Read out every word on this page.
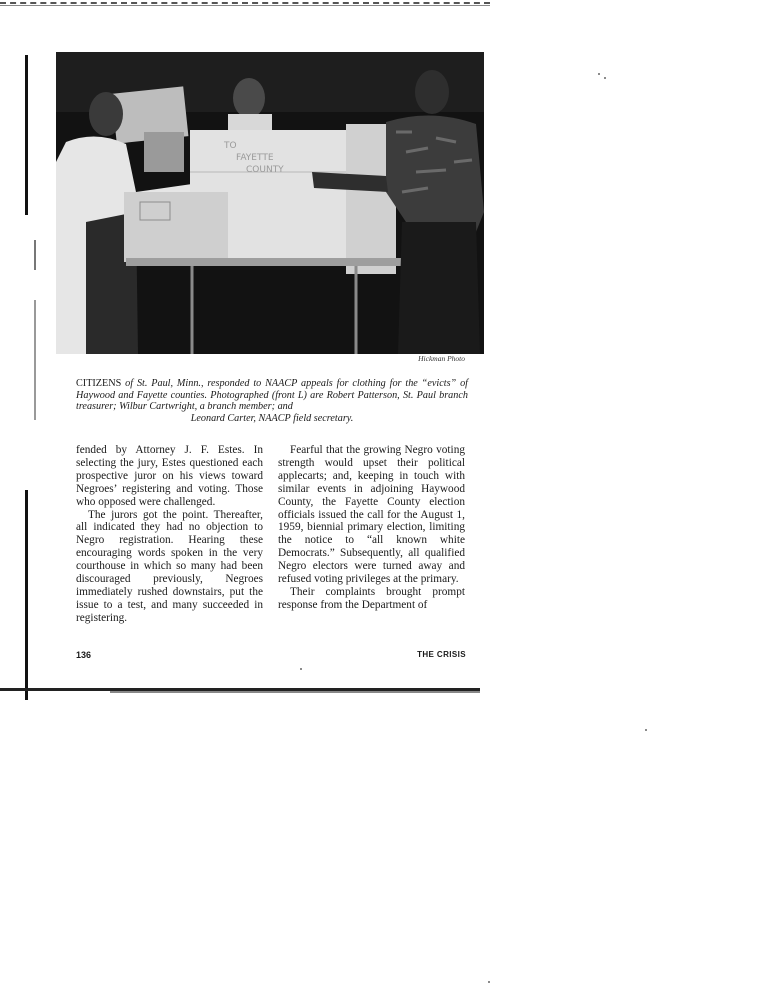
TO
FAYETTE
COUNTY
Hickman Photo
CITIZENS of St. Paul, Minn., responded to NAACP appeals for clothing for the “evicts” of Haywood and Fayette counties. Photographed (front L) are Robert Patterson, St. Paul branch treasurer; Wilbur Cartwright, a branch member; and
Leonard Carter, NAACP field secretary.

fended by Attorney J. F. Estes. In selecting the jury, Estes questioned each prospective juror on his views toward Negroes’ registering and voting. Those who opposed were challenged.

The jurors got the point. Thereafter, all indicated they had no objection to Negro registration. Hearing these encouraging words spoken in the very courthouse in which so many had been discouraged previously, Negroes immediately rushed downstairs, put the issue to a test, and many succeeded in registering.

Fearful that the growing Negro voting strength would upset their political applecarts; and, keeping in touch with similar events in adjoining Haywood County, the Fayette County election officials issued the call for the August 1, 1959, biennial primary election, limiting the notice to “all known white Democrats.” Subsequently, all qualified Negro electors were turned away and refused voting privileges at the primary.

Their complaints brought prompt response from the Department of

136	THE CRISIS
